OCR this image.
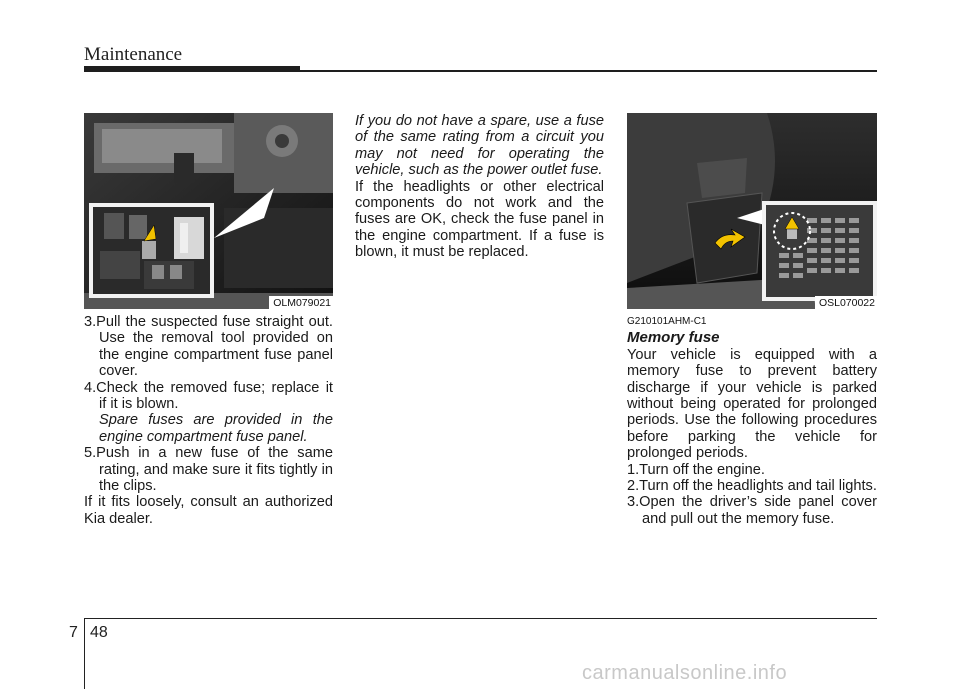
Maintenance
OLM079021	OSL070022

3.Pull the suspected fuse straight out. Use the removal tool provided on the engine compartment fuse panel cover.

4.Check the removed fuse; replace it if it is blown.

Spare fuses are provided in the engine compartment fuse panel.

5.Push in a new fuse of the same rating, and make sure it fits tightly in the clips.

If it fits loosely, consult an authorized Kia dealer.

If you do not have a spare, use a fuse of the same rating from a circuit you may not need for operating the vehicle, such as the power outlet fuse.

If the headlights or other electrical components do not work and the fuses are OK, check the fuse panel in the engine compartment. If a fuse is blown, it must be replaced.

G210101AHM-C1

Memory fuse

Your vehicle is equipped with a memory fuse to prevent battery discharge if your vehicle is parked without being operated for prolonged periods. Use the following procedures before parking the vehicle for prolonged periods.

1.Turn off the engine.

2.Turn off the headlights and tail lights.

3.Open the driver’s side panel cover and pull out the memory fuse.

7 48
carmanualsonline.info
